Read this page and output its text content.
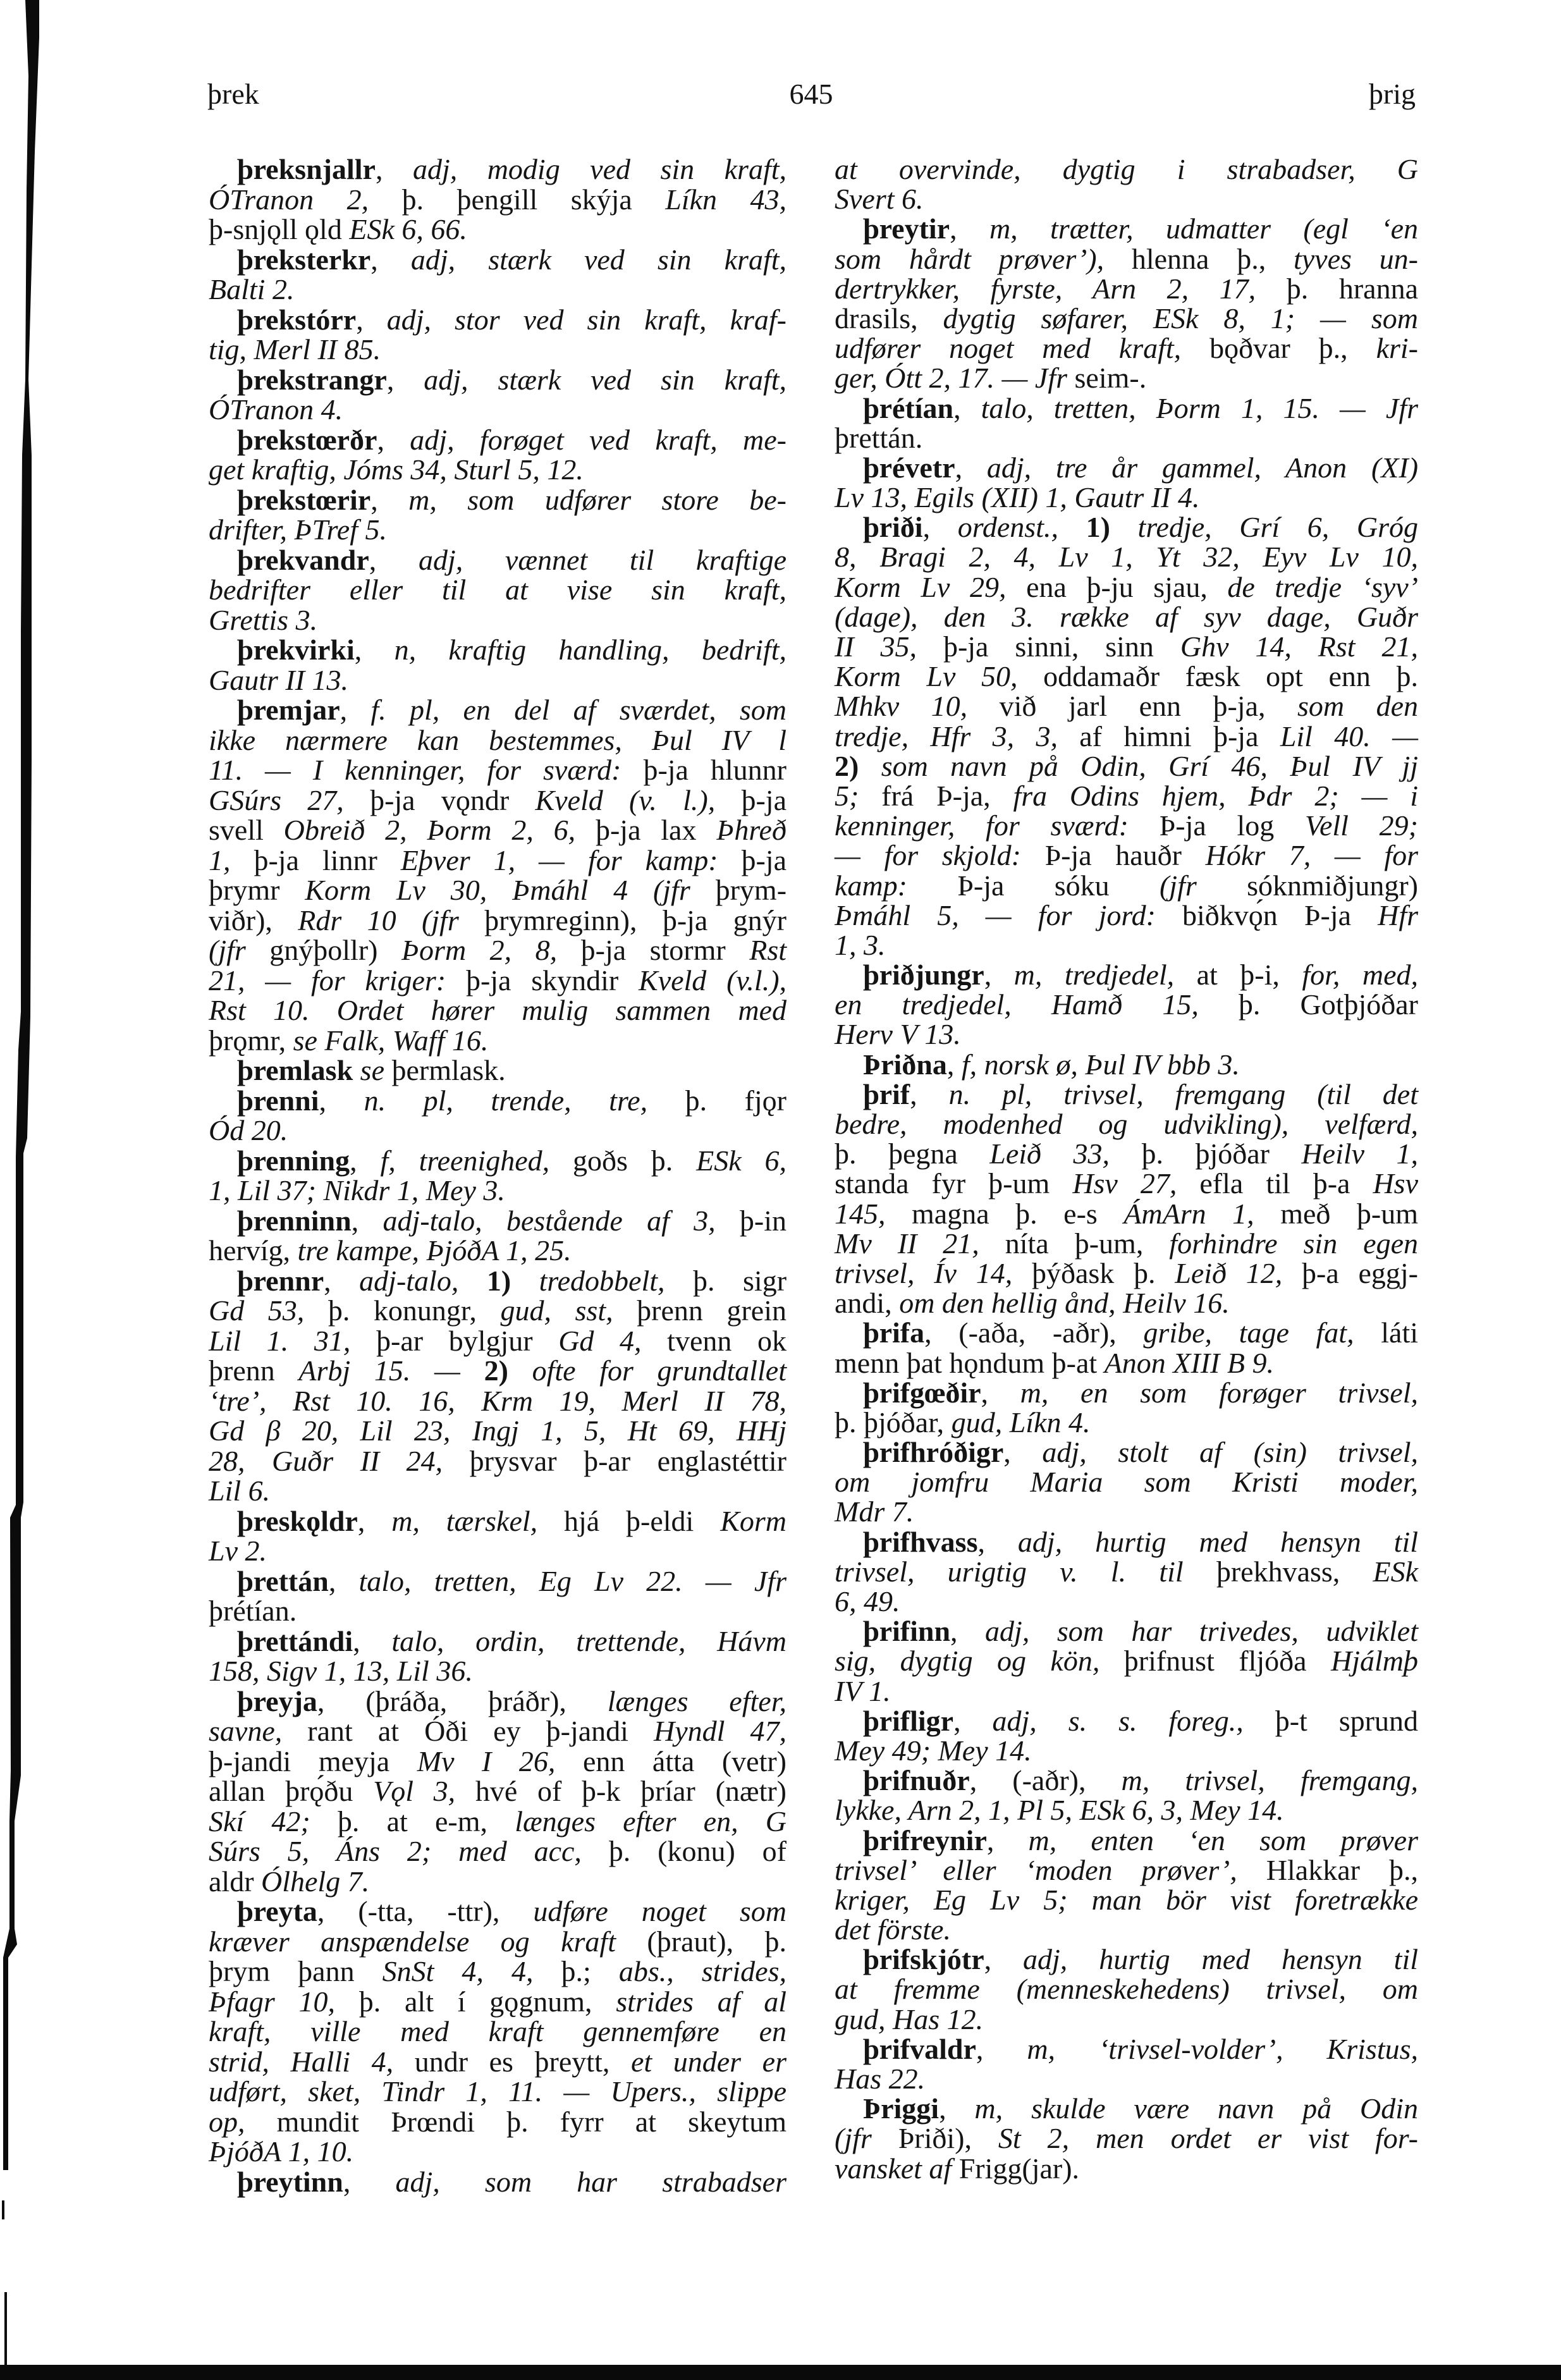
þrek	645	þrig
þreksnjallr, adj, modig ved sin kraft,
ÓTranon 2, þ. þengill skýja Líkn 43,
þ-snjǫll ǫld ESk 6, 66.
þreksterkr, adj, stærk ved sin kraft,
Balti 2.
þrekstórr, adj, stor ved sin kraft, kraf-
tig, Merl II 85.
þrekstrangr, adj, stærk ved sin kraft,
ÓTranon 4.
þrekstœrðr, adj, forøget ved kraft, me-
get kraftig, Jóms 34, Sturl 5, 12.
þrekstœrir, m, som udfører store be-
drifter, ÞTref 5.
þrekvandr, adj, vænnet til kraftige
bedrifter eller til at vise sin kraft,
Grettis 3.
þrekvirki, n, kraftig handling, bedrift,
Gautr II 13.
þremjar, f. pl, en del af sværdet, som
ikke nærmere kan bestemmes, Þul IV l
11. — I kenninger, for sværd: þ-ja hlunnr
GSúrs 27, þ-ja vǫndr Kveld (v. l.), þ-ja
svell Obreið 2, Þorm 2, 6, þ-ja lax Þhreð
1, þ-ja linnr Eþver 1, — for kamp: þ-ja
þrymr Korm Lv 30, Þmáhl 4 (jfr þrym-
viðr), Rdr 10 (jfr þrymreginn), þ-ja gnýr
(jfr gnýþollr) Þorm 2, 8, þ-ja stormr Rst
21, — for kriger: þ-ja skyndir Kveld (v.l.),
Rst 10. Ordet hører mulig sammen med
þrǫmr, se Falk, Waff 16.
þremlask se þermlask.
þrenni, n. pl, trende, tre, þ. fjǫr
Ód 20.
þrenning, f, treenighed, goðs þ. ESk 6,
1, Lil 37; Nikdr 1, Mey 3.
þrenninn, adj-talo, bestående af 3, þ-in
hervíg, tre kampe, ÞjóðA 1, 25.
þrennr, adj-talo, 1) tredobbelt, þ. sigr
Gd 53, þ. konungr, gud, sst, þrenn grein
Lil 1. 31, þ-ar bylgjur Gd 4, tvenn ok
þrenn Arbj 15. — 2) ofte for grundtallet
‘tre’, Rst 10. 16, Krm 19, Merl II 78,
Gd β 20, Lil 23, Ingj 1, 5, Ht 69, HHj
28, Guðr II 24, þrysvar þ-ar englastéttir
Lil 6.
þreskǫldr, m, tærskel, hjá þ-eldi Korm
Lv 2.
þrettán, talo, tretten, Eg Lv 22. — Jfr
þrétían.
þrettándi, talo, ordin, trettende, Hávm
158, Sigv 1, 13, Lil 36.
þreyja, (þráða, þráðr), længes efter,
savne, rant at Óði ey þ-jandi Hyndl 47,
þ-jandi meyja Mv I 26, enn átta (vetr)
allan þrǫ́ðu Vǫl 3, hvé of þ-k þríar (nætr)
Skí 42; þ. at e-m, længes efter en, G
Súrs 5, Áns 2; med acc, þ. (konu) of
aldr Ólhelg 7.
þreyta, (-tta, -ttr), udføre noget som
kræver anspændelse og kraft (þraut), þ.
þrym þann SnSt 4, 4, þ.; abs., strides,
Þfagr 10, þ. alt í gǫgnum, strides af al
kraft, ville med kraft gennemføre en
strid, Halli 4, undr es þreytt, et under er
udført, sket, Tindr 1, 11. — Upers., slippe
op, mundit Þrœndi þ. fyrr at skeytum
ÞjóðA 1, 10.
þreytinn, adj, som har strabadser
at overvinde, dygtig i strabadser, G
Svert 6.
þreytir, m, trætter, udmatter (egl ‘en
som hårdt prøver’), hlenna þ., tyves un-
dertrykker, fyrste, Arn 2, 17, þ. hranna
drasils, dygtig søfarer, ESk 8, 1; — som
udfører noget med kraft, bǫðvar þ., kri-
ger, Ótt 2, 17. — Jfr seim-.
þrétían, talo, tretten, Þorm 1, 15. — Jfr
þrettán.
þrévetr, adj, tre år gammel, Anon (XI)
Lv 13, Egils (XII) 1, Gautr II 4.
þriði, ordenst., 1) tredje, Grí 6, Gróg
8, Bragi 2, 4, Lv 1, Yt 32, Eyv Lv 10,
Korm Lv 29, ena þ-ju sjau, de tredje ‘syv’
(dage), den 3. række af syv dage, Guðr
II 35, þ-ja sinni, sinn Ghv 14, Rst 21,
Korm Lv 50, oddamaðr fæsk opt enn þ.
Mhkv 10, við jarl enn þ-ja, som den
tredje, Hfr 3, 3, af himni þ-ja Lil 40. —
2) som navn på Odin, Grí 46, Þul IV jj
5; frá Þ-ja, fra Odins hjem, Þdr 2; — i
kenninger, for sværd: Þ-ja log Vell 29;
— for skjold: Þ-ja hauðr Hókr 7, — for
kamp: Þ-ja sóku (jfr sóknmiðjungr)
Þmáhl 5, — for jord: biðkvǫ́n Þ-ja Hfr
1, 3.
þriðjungr, m, tredjedel, at þ-i, for, med,
en tredjedel, Hamð 15, þ. Gotþjóðar
Herv V 13.
Þriðna, f, norsk ø, Þul IV bbb 3.
þrif, n. pl, trivsel, fremgang (til det
bedre, modenhed og udvikling), velfærd,
þ. þegna Leið 33, þ. þjóðar Heilv 1,
standa fyr þ-um Hsv 27, efla til þ-a Hsv
145, magna þ. e-s ÁmArn 1, með þ-um
Mv II 21, níta þ-um, forhindre sin egen
trivsel, Ív 14, þýðask þ. Leið 12, þ-a eggj-
andi, om den hellig ånd, Heilv 16.
þrifa, (-aða, -aðr), gribe, tage fat, láti
menn þat hǫndum þ-at Anon XIII B 9.
þrifgœðir, m, en som forøger trivsel,
þ. þjóðar, gud, Líkn 4.
þrifhróðigr, adj, stolt af (sin) trivsel,
om jomfru Maria som Kristi moder,
Mdr 7.
þrifhvass, adj, hurtig med hensyn til
trivsel, urigtig v. l. til þrekhvass, ESk
6, 49.
þrifinn, adj, som har trivedes, udviklet
sig, dygtig og kön, þrifnust fljóða Hjálmþ
IV 1.
þrifligr, adj, s. s. foreg., þ-t sprund
Mey 49; Mey 14.
þrifnuðr, (-aðr), m, trivsel, fremgang,
lykke, Arn 2, 1, Pl 5, ESk 6, 3, Mey 14.
þrifreynir, m, enten ‘en som prøver
trivsel’ eller ‘moden prøver’, Hlakkar þ.,
kriger, Eg Lv 5; man bör vist foretrække
det förste.
þrifskjótr, adj, hurtig med hensyn til
at fremme (menneskehedens) trivsel, om
gud, Has 12.
þrifvaldr, m, ‘trivsel-volder’, Kristus,
Has 22.
Þriggi, m, skulde være navn på Odin
(jfr Þriði), St 2, men ordet er vist for-
vansket af Frigg(jar).
